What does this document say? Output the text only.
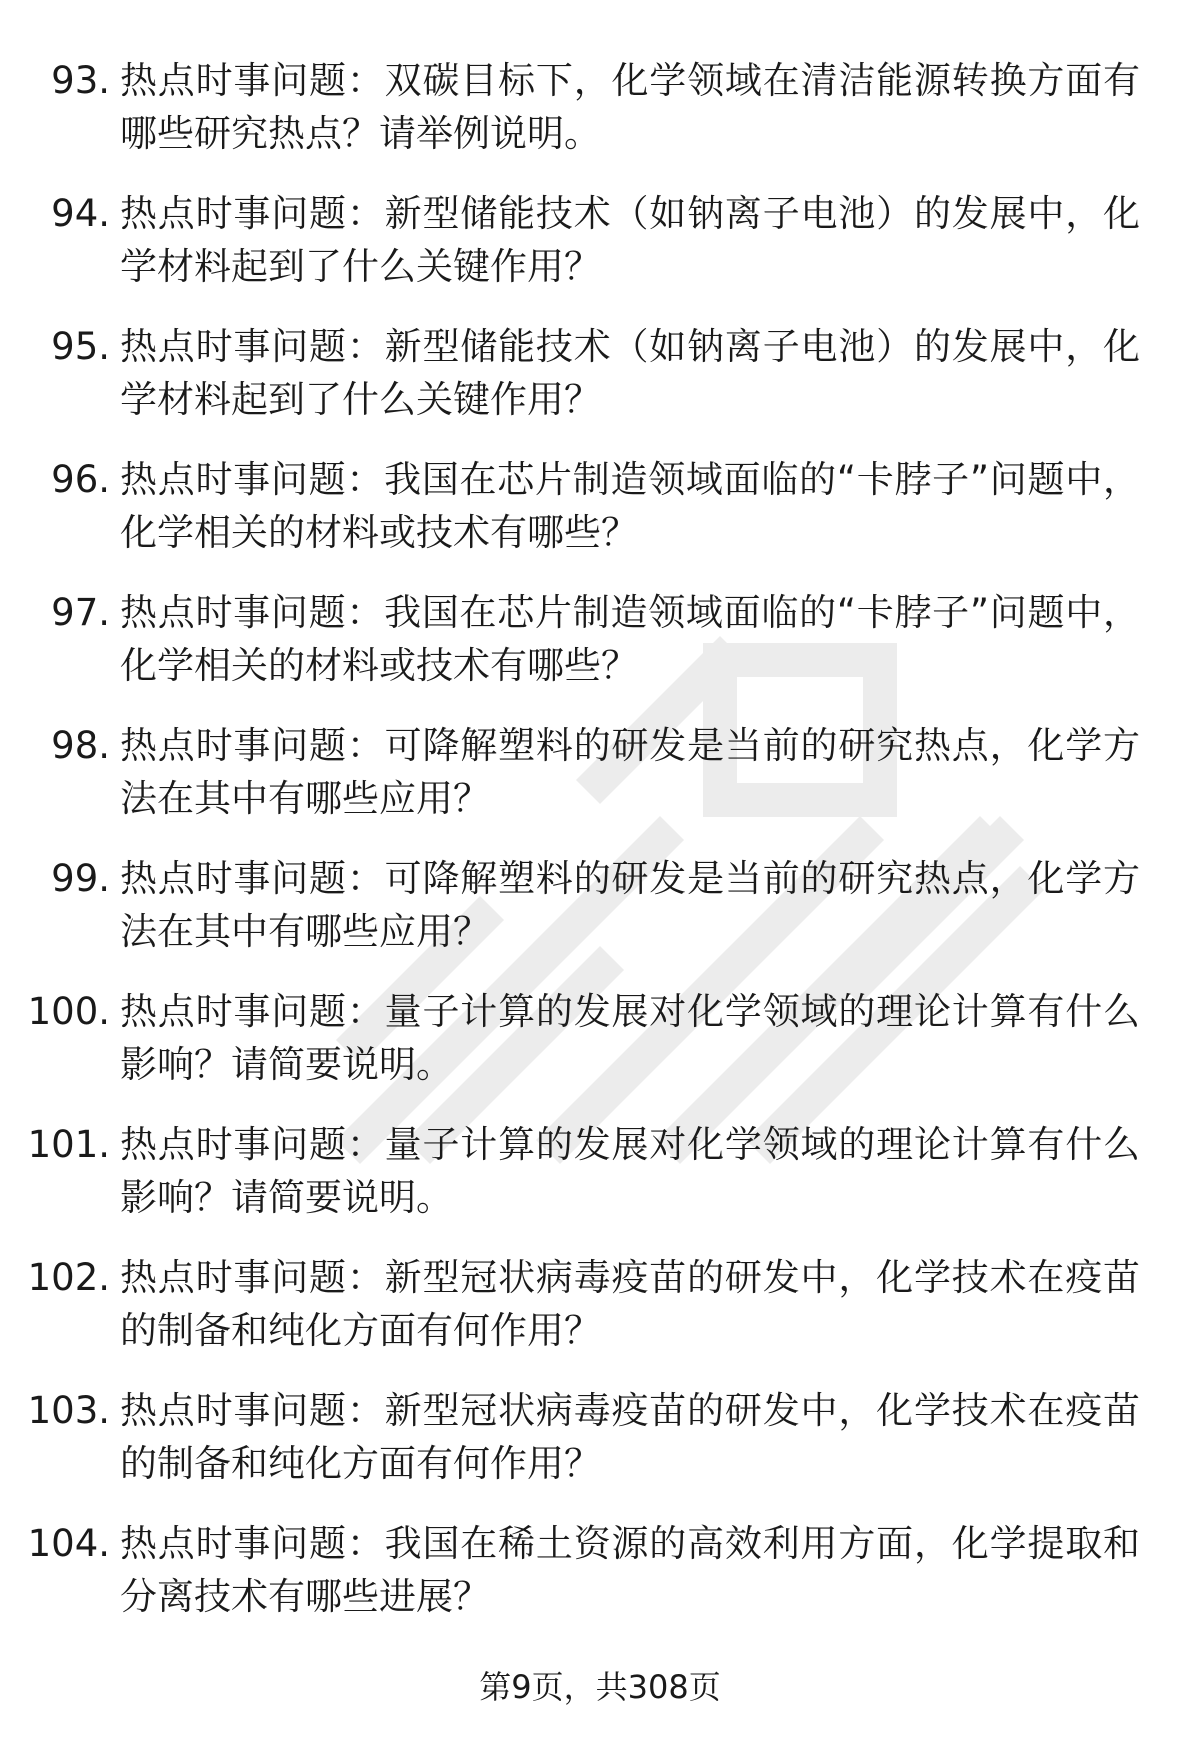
93. 热点时事问题：双碳目标下，化学领域在清洁能源转换方面有哪些研究热点？请举例说明。
94. 热点时事问题：新型储能技术（如钠离子电池）的发展中，化学材料起到了什么关键作用？
95. 热点时事问题：新型储能技术（如钠离子电池）的发展中，化学材料起到了什么关键作用？
96. 热点时事问题：我国在芯片制造领域面临的“卡脖子”问题中，化学相关的材料或技术有哪些？
97. 热点时事问题：我国在芯片制造领域面临的“卡脖子”问题中，化学相关的材料或技术有哪些？
98. 热点时事问题：可降解塑料的研发是当前的研究热点，化学方法在其中有哪些应用？
99. 热点时事问题：可降解塑料的研发是当前的研究热点，化学方法在其中有哪些应用？
100. 热点时事问题：量子计算的发展对化学领域的理论计算有什么影响？请简要说明。
101. 热点时事问题：量子计算的发展对化学领域的理论计算有什么影响？请简要说明。
102. 热点时事问题：新型冠状病毒疫苗的研发中，化学技术在疫苗的制备和纯化方面有何作用？
103. 热点时事问题：新型冠状病毒疫苗的研发中，化学技术在疫苗的制备和纯化方面有何作用？
104. 热点时事问题：我国在稀土资源的高效利用方面，化学提取和分离技术有哪些进展？
第9页，共308页
